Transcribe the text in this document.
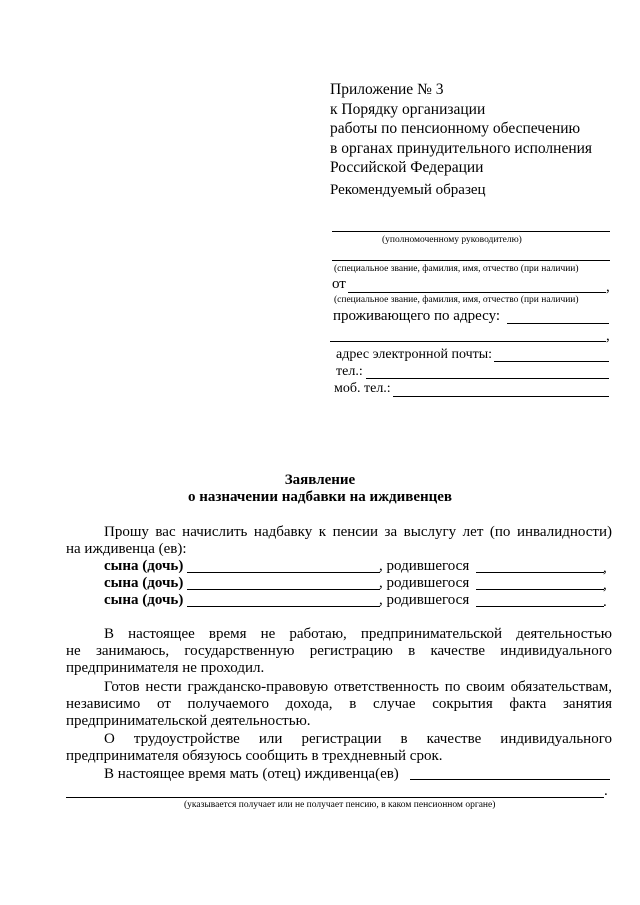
Приложение № 3
к Порядку организации
работы по пенсионному обеспечению
в органах принудительного исполнения
Российской Федерации
Рекомендуемый образец
(уполномоченному руководителю)
(специальное звание, фамилия, имя, отчество (при наличии)
от	,
(специальное звание, фамилия, имя, отчество (при наличии)
проживающего по адресу:
,
адрес электронной почты:
тел.:
моб. тел.:
Заявление
о назначении надбавки на иждивенцев
Прошу вас начислить надбавку к пенсии за выслугу лет (по инвалидности)
на иждивенца (ев):
сына (дочь)	, родившегося	,
сына (дочь)	, родившегося	,
сына (дочь)	, родившегося	.
В настоящее время не работаю, предпринимательской деятельностью
не занимаюсь, государственную регистрацию в качестве индивидуального
предпринимателя не проходил.
Готов нести гражданско-правовую ответственность по своим обязательствам,
независимо от получаемого дохода, в случае сокрытия факта занятия
предпринимательской деятельностью.
О трудоустройстве или регистрации в качестве индивидуального
предпринимателя обязуюсь сообщить в трехдневный срок.
В настоящее время мать (отец) иждивенца(ев)
.
(указывается получает или не получает пенсию, в каком пенсионном органе)
